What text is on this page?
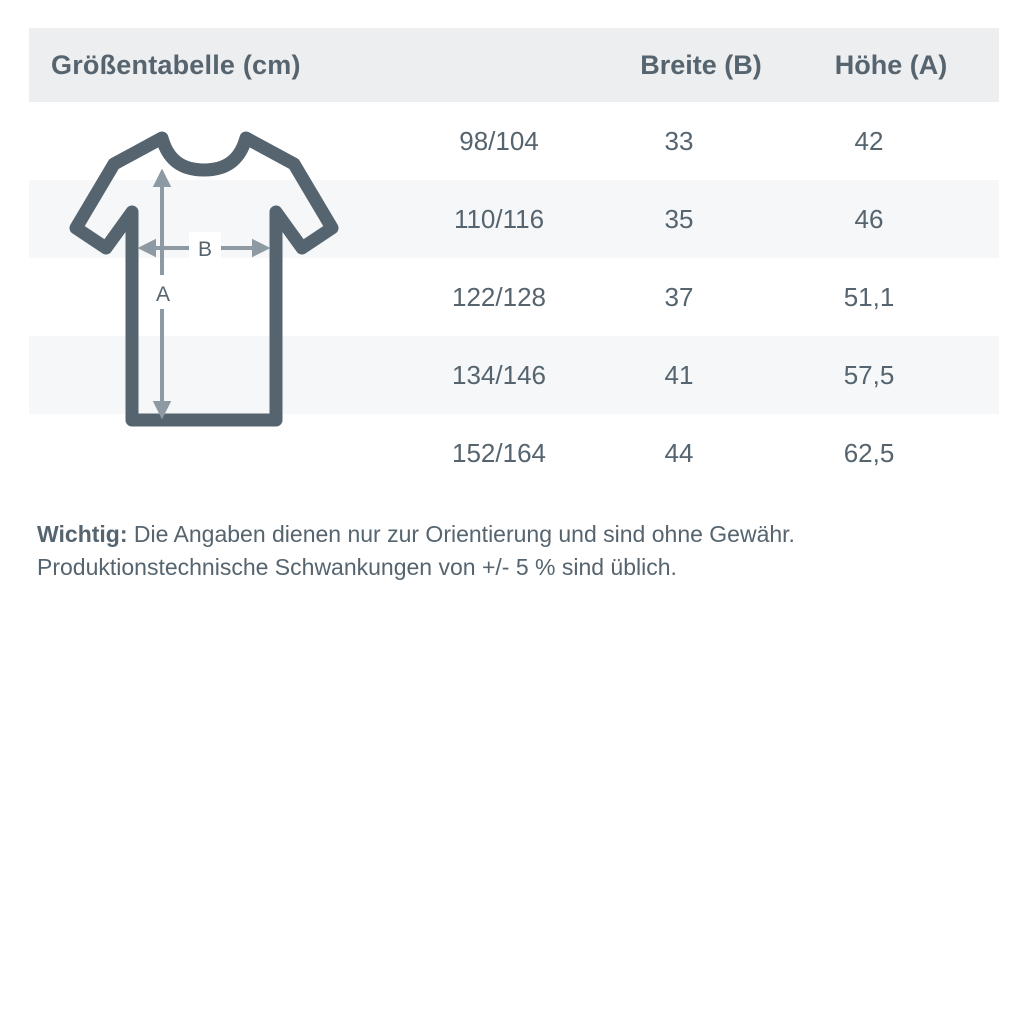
Größentabelle (cm)	Breite (B)	Höhe (A)
B
A
98/104	33	42
110/116	35	46
122/128	37	51,1
134/146	41	57,5
152/164	44	62,5
Wichtig: Die Angaben dienen nur zur Orientierung und sind ohne Gewähr. Produktionstechnische Schwankungen von +/- 5 % sind üblich.
